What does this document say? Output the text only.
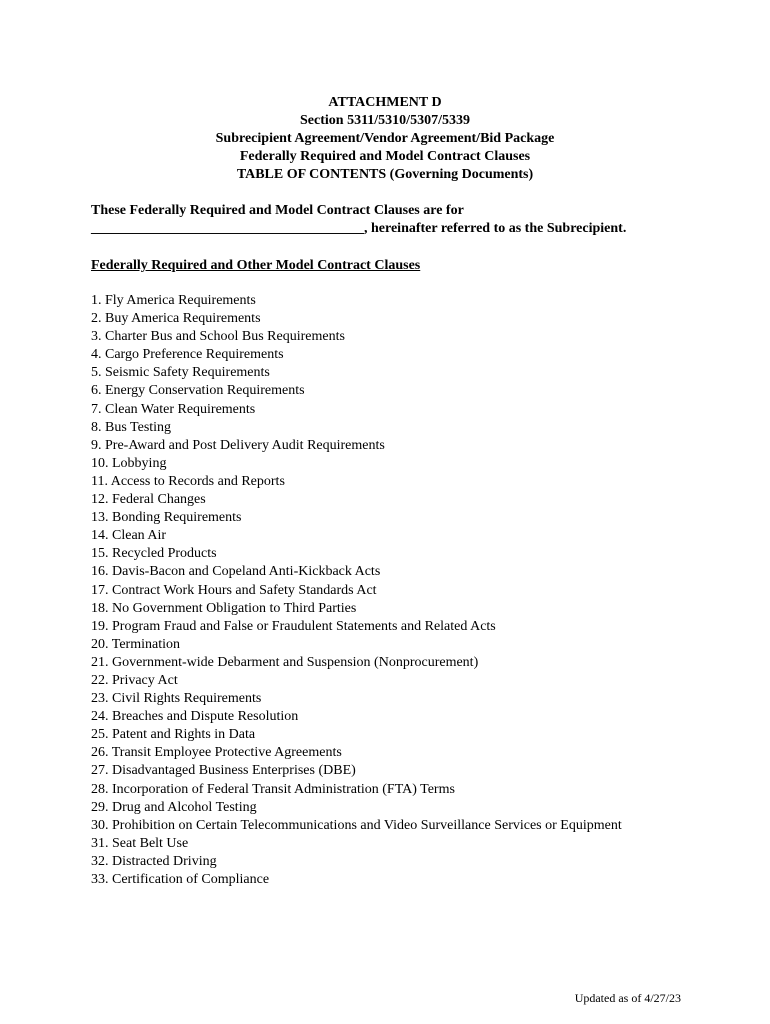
ATTACHMENT D
Section 5311/5310/5307/5339
Subrecipient Agreement/Vendor Agreement/Bid Package
Federally Required and Model Contract Clauses
TABLE OF CONTENTS (Governing Documents)
These Federally Required and Model Contract Clauses are for
_______________________________________, hereinafter referred to as the Subrecipient.
Federally Required and Other Model Contract Clauses
1. Fly America Requirements
2. Buy America Requirements
3. Charter Bus and School Bus Requirements
4. Cargo Preference Requirements
5. Seismic Safety Requirements
6. Energy Conservation Requirements
7. Clean Water Requirements
8. Bus Testing
9. Pre-Award and Post Delivery Audit Requirements
10. Lobbying
11. Access to Records and Reports
12. Federal Changes
13. Bonding Requirements
14. Clean Air
15. Recycled Products
16. Davis-Bacon and Copeland Anti-Kickback Acts
17. Contract Work Hours and Safety Standards Act
18. No Government Obligation to Third Parties
19. Program Fraud and False or Fraudulent Statements and Related Acts
20. Termination
21. Government-wide Debarment and Suspension (Nonprocurement)
22. Privacy Act
23. Civil Rights Requirements
24. Breaches and Dispute Resolution
25. Patent and Rights in Data
26. Transit Employee Protective Agreements
27. Disadvantaged Business Enterprises (DBE)
28. Incorporation of Federal Transit Administration (FTA) Terms
29. Drug and Alcohol Testing
30. Prohibition on Certain Telecommunications and Video Surveillance Services or Equipment
31. Seat Belt Use
32. Distracted Driving
33. Certification of Compliance
Updated as of 4/27/23
